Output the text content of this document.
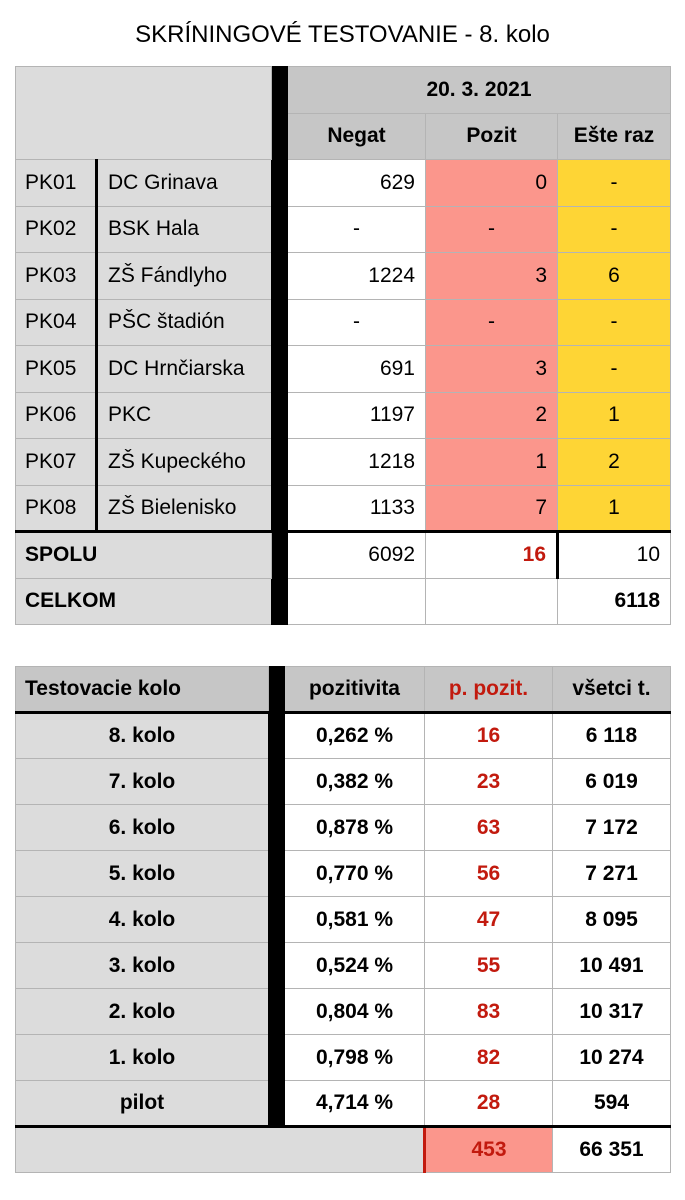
SKRÍNINGOVÉ TESTOVANIE - 8. kolo
			20. 3. 2021		
			Negat	Pozit	Ešte raz
PK01	DC Grinava		629	0	-
PK02	BSK Hala		-	-	-
PK03	ZŠ Fándlyho		1224	3	6
PK04	PŠC štadión		-	-	-
PK05	DC Hrnčiarska		691	3	-
PK06	PKC		1197	2	1
PK07	ZŠ Kupeckého		1218	1	2
PK08	ZŠ Bielenisko		1133	7	1
SPOLU			6092	16	10
CELKOM					6118
Testovacie kolo		pozitivita	p. pozit.	všetci t.
8. kolo		0,262 %	16	6 118
7. kolo		0,382 %	23	6 019
6. kolo		0,878 %	63	7 172
5. kolo		0,770 %	56	7 271
4. kolo		0,581 %	47	8 095
3. kolo		0,524 %	55	10 491
2. kolo		0,804 %	83	10 317
1. kolo		0,798 %	82	10 274
pilot		4,714 %	28	594
			453	66 351
